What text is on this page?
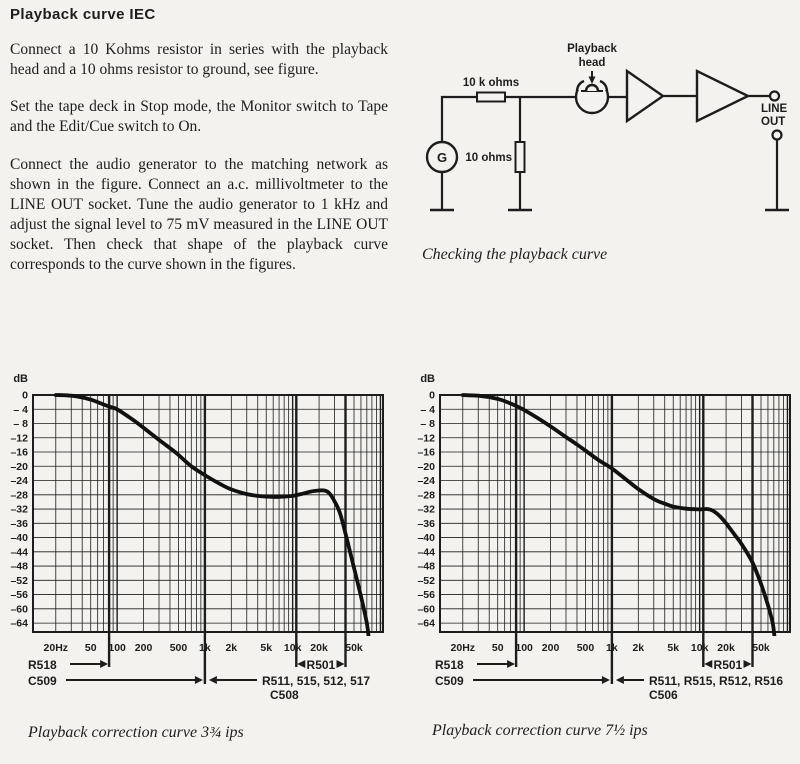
Playback curve IEC

Connect a 10 Kohms resistor in series with the playback head and a 10 ohms resistor to ground, see figure.

Set the tape deck in Stop mode, the Monitor switch to Tape and the Edit/Cue switch to On.

Connect the audio generator to the matching network as shown in the figure. Connect an a.c. millivoltmeter to the LINE OUT socket. Tune the audio generator to 1 kHz and adjust the signal level to 75 mV measured in the LINE OUT socket. Then check that shape of the playback curve corresponds to the curve shown in the figures.

G
Playback
head
LINE
OUT
10 k ohms
10 ohms
Checking the playback curve
dB
0
– 4
– 8
–12
–16
–20
–24
–28
–32
–36
–40
–44
–48
–52
–56
–60
–64
20Hz 50 100 200 500 1k 2k 5k 10k 20k 50k
R518	R501
C509	R511, 515, 512, 517
C508
dB
0
– 4
– 8
–12
–16
–20
–24
–28
–32
–36
–40
–44
–48
–52
–56
–60
–64
20Hz 50 100 200 500 1k 2k 5k 10k 20k 50k
R518	R501
C509	R511, R515, R512, R516
C506
Playback correction curve 3¾ ips	Playback correction curve 7½ ips
